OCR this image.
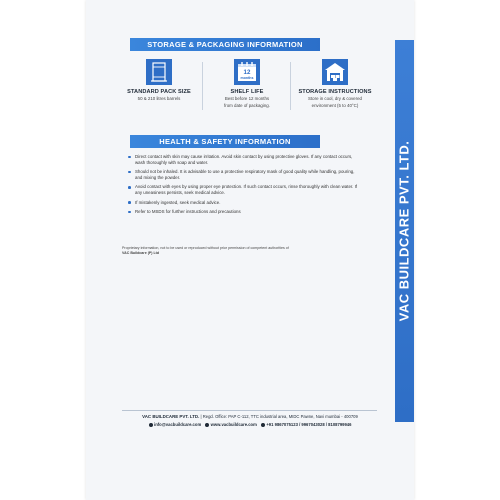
VAC BUILDCARE PVT. LTD.
STORAGE & PACKAGING INFORMATION
STANDARD PACK SIZE
50 & 210 litres barrels
12
months
SHELF LIFE
Best before 12 months
from date of packaging.
STORAGE INSTRUCTIONS
Store in cool, dry & covered
environment (5 to 40°C)
HEALTH & SAFETY INFORMATION
Direct contact with skin may cause irritation. Avoid skin contact by using protective gloves. If any contact occurs, wash thoroughly with soap and water.
Should not be inhaled. It is advisable to use a protective respiratory mask of good quality while handling, pouring, and mixing the powder.
Avoid contact with eyes by using proper eye protection. If such contact occurs, rinse thoroughly with clean water. If any uneasiness persists, seek medical advice.
If mistakenly ingested, seek medical advice.
Refer to MSDS for further instructions and precautions
Proprietary information, not to be used or reproduced without prior permission of competent authorities of
VAC Buildcare (P) Ltd
VAC BUILDCARE PVT. LTD. | Regd. Office: PAP C-112, TTC industrial area, MIDC Pawne, Navi mumbai - 400709
info@vacbuildcare.com www.vacbuildcare.com +91 9867075123 / 9967043028 / 8108799946
